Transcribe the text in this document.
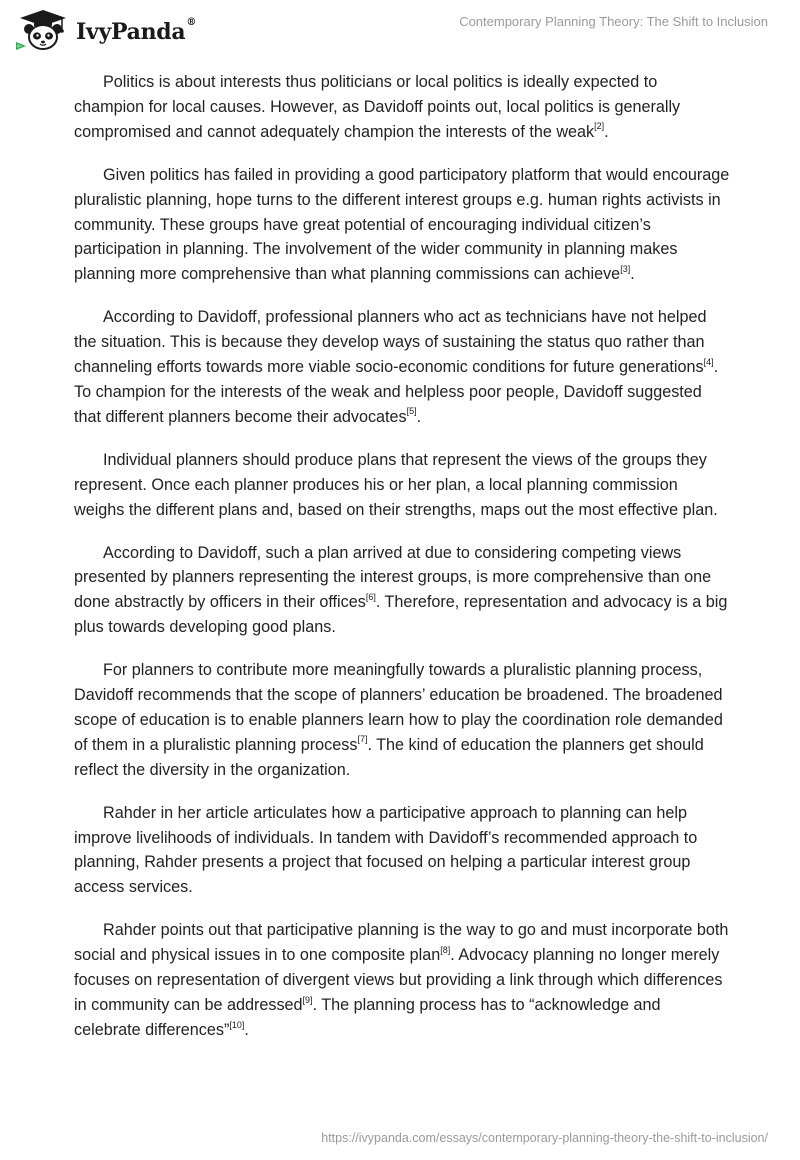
IvyPanda®	Contemporary Planning Theory: The Shift to Inclusion

Politics is about interests thus politicians or local politics is ideally expected to champion for local causes. However, as Davidoff points out, local politics is generally compromised and cannot adequately champion the interests of the weak[2].

Given politics has failed in providing a good participatory platform that would encourage pluralistic planning, hope turns to the different interest groups e.g. human rights activists in community. These groups have great potential of encouraging individual citizen’s participation in planning. The involvement of the wider community in planning makes planning more comprehensive than what planning commissions can achieve[3].

According to Davidoff, professional planners who act as technicians have not helped the situation. This is because they develop ways of sustaining the status quo rather than channeling efforts towards more viable socio-economic conditions for future generations[4]. To champion for the interests of the weak and helpless poor people, Davidoff suggested that different planners become their advocates[5].

Individual planners should produce plans that represent the views of the groups they represent. Once each planner produces his or her plan, a local planning commission weighs the different plans and, based on their strengths, maps out the most effective plan.

According to Davidoff, such a plan arrived at due to considering competing views presented by planners representing the interest groups, is more comprehensive than one done abstractly by officers in their offices[6]. Therefore, representation and advocacy is a big plus towards developing good plans.

For planners to contribute more meaningfully towards a pluralistic planning process, Davidoff recommends that the scope of planners’ education be broadened. The broadened scope of education is to enable planners learn how to play the coordination role demanded of them in a pluralistic planning process[7]. The kind of education the planners get should reflect the diversity in the organization.

Rahder in her article articulates how a participative approach to planning can help improve livelihoods of individuals. In tandem with Davidoff’s recommended approach to planning, Rahder presents a project that focused on helping a particular interest group access services.

Rahder points out that participative planning is the way to go and must incorporate both social and physical issues in to one composite plan[8]. Advocacy planning no longer merely focuses on representation of divergent views but providing a link through which differences in community can be addressed[9]. The planning process has to “acknowledge and celebrate differences”[10].

https://ivypanda.com/essays/contemporary-planning-theory-the-shift-to-inclusion/
